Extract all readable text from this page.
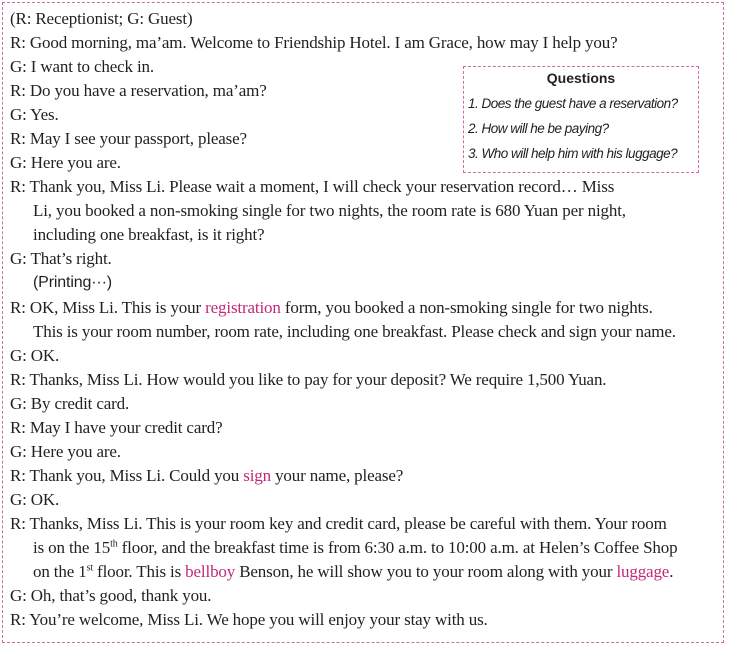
(R: Receptionist; G: Guest)
R: Good morning, ma’am. Welcome to Friendship Hotel. I am Grace, how may I help you?
G: I want to check in.
R: Do you have a reservation, ma’am?
G: Yes.
R: May I see your passport, please?
G: Here you are.
R: Thank you, Miss Li. Please wait a moment, I will check your reservation record… Miss
Li, you booked a non-smoking single for two nights, the room rate is 680 Yuan per night,
including one breakfast, is it right?
G: That’s right.
(Printing···)
R: OK, Miss Li. This is your registration form, you booked a non-smoking single for two nights.
This is your room number, room rate, including one breakfast. Please check and sign your name.
G: OK.
R: Thanks, Miss Li. How would you like to pay for your deposit? We require 1,500 Yuan.
G: By credit card.
R: May I have your credit card?
G: Here you are.
R: Thank you, Miss Li. Could you sign your name, please?
G: OK.
R: Thanks, Miss Li. This is your room key and credit card, please be careful with them. Your room
is on the 15th floor, and the breakfast time is from 6:30 a.m. to 10:00 a.m. at Helen’s Coffee Shop
on the 1st floor. This is bellboy Benson, he will show you to your room along with your luggage.
G: Oh, that’s good, thank you.
R: You’re welcome, Miss Li. We hope you will enjoy your stay with us.
Questions
1. Does the guest have a reservation?
2. How will he be paying?
3. Who will help him with his luggage?
